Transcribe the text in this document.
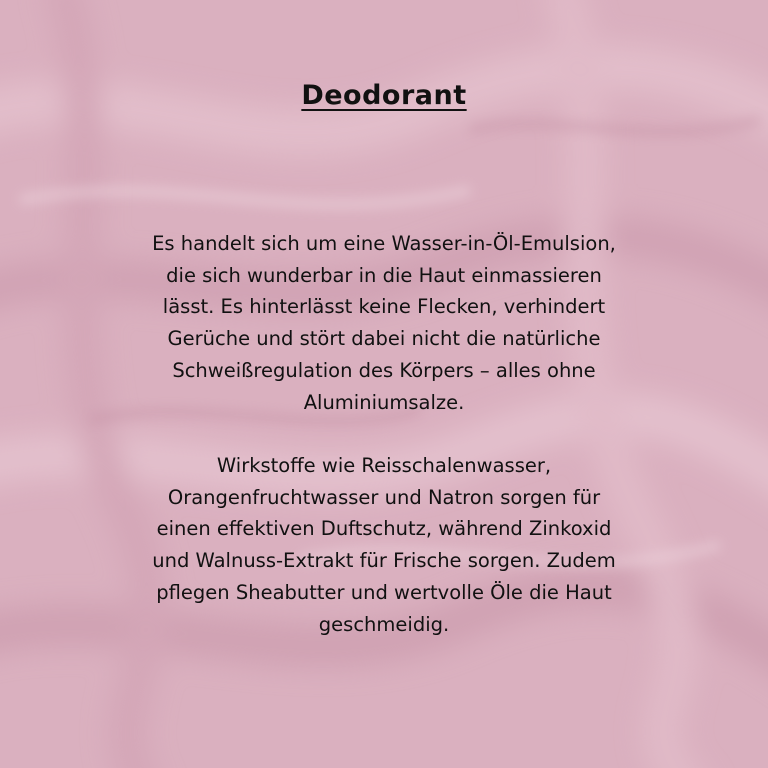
Deodorant

Es handelt sich um eine Wasser-in-Öl-Emulsion, die sich wunderbar in die Haut einmassieren lässt. Es hinterlässt keine Flecken, verhindert Gerüche und stört dabei nicht die natürliche Schweißregulation des Körpers – alles ohne Aluminiumsalze.

Wirkstoffe wie Reisschalenwasser, Orangenfruchtwasser und Natron sorgen für einen effektiven Duftschutz, während Zinkoxid und Walnuss-Extrakt für Frische sorgen. Zudem pflegen Sheabutter und wertvolle Öle die Haut geschmeidig.
